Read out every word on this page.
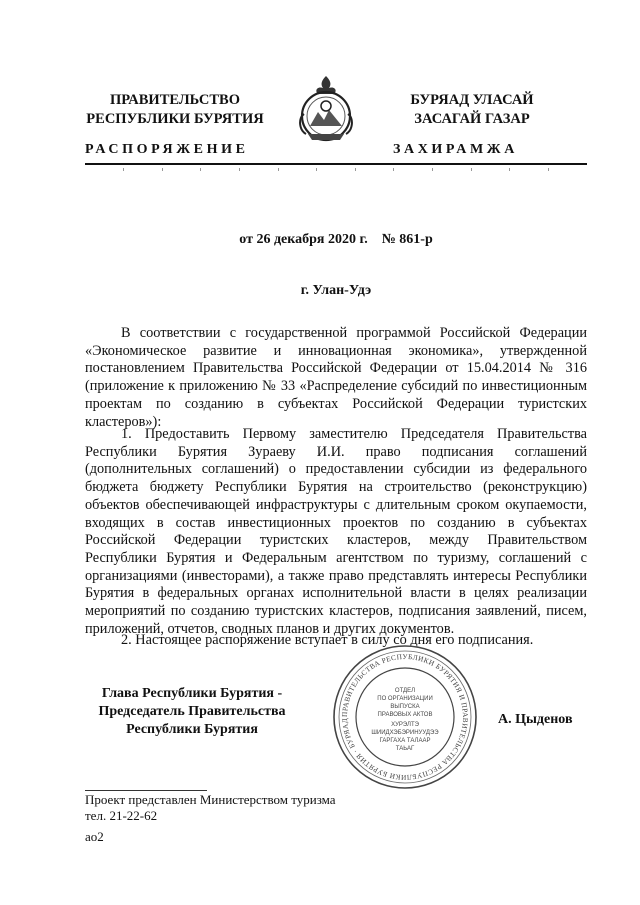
ПРАВИТЕЛЬСТВО
РЕСПУБЛИКИ БУРЯТИЯ
БУРЯАД УЛАСАЙ
ЗАСАГАЙ ГАЗАР
РАСПОРЯЖЕНИЕ	ЗАХИРАМЖА
от 26 декабря 2020 г.    № 861-р
г. Улан-Удэ
В соответствии с государственной программой Российской Федерации «Экономическое развитие и инновационная экономика», утвержденной постановлением Правительства Российской Федерации от 15.04.2014 № 316 (приложение к приложению № 33 «Распределение субсидий по инвестиционным проектам по созданию в субъектах Российской Федерации туристских кластеров»):
1. Предоставить Первому заместителю Председателя Правительства Республики Бурятия Зураеву И.И. право подписания соглашений (дополнительных соглашений) о предоставлении субсидии из федерального бюджета бюджету Республики Бурятия на строительство (реконструкцию) объектов обеспечивающей инфраструктуры с длительным сроком окупаемости, входящих в состав инвестиционных проектов по созданию в субъектах Российской Федерации туристских кластеров, между Правительством Республики Бурятия и Федеральным агентством по туризму, соглашений с организациями (инвесторами), а также право представлять интересы Республики Бурятия в федеральных органах исполнительной власти в целях реализации мероприятий по созданию туристских кластеров, подписания заявлений, писем, приложений, отчетов, сводных планов и других документов.
2. Настоящее распоряжение вступает в силу со дня его подписания.
Глава Республики Бурятия -
Председатель Правительства
Республики Бурятия
А. Цыденов
ПРАВИТЕЛЬСТВА РЕСПУБЛИКИ БУРЯТИЯ И ПРАВИТЕЛЬСТВА РЕСПУБЛИКИ БУРЯТИЯ · БУРЯАД
ОТДЕЛ
ПО ОРГАНИЗАЦИИ
ВЫПУСКА
ПРАВОВЫХ АКТОВ
ХУРЭЛТЭ
ШИИДХЭБЭРИНУУДЭЭ
ГАРГАХА ТАЛААР
ТАЬАГ
Проект представлен Министерством туризма
тел. 21-22-62
ао2
